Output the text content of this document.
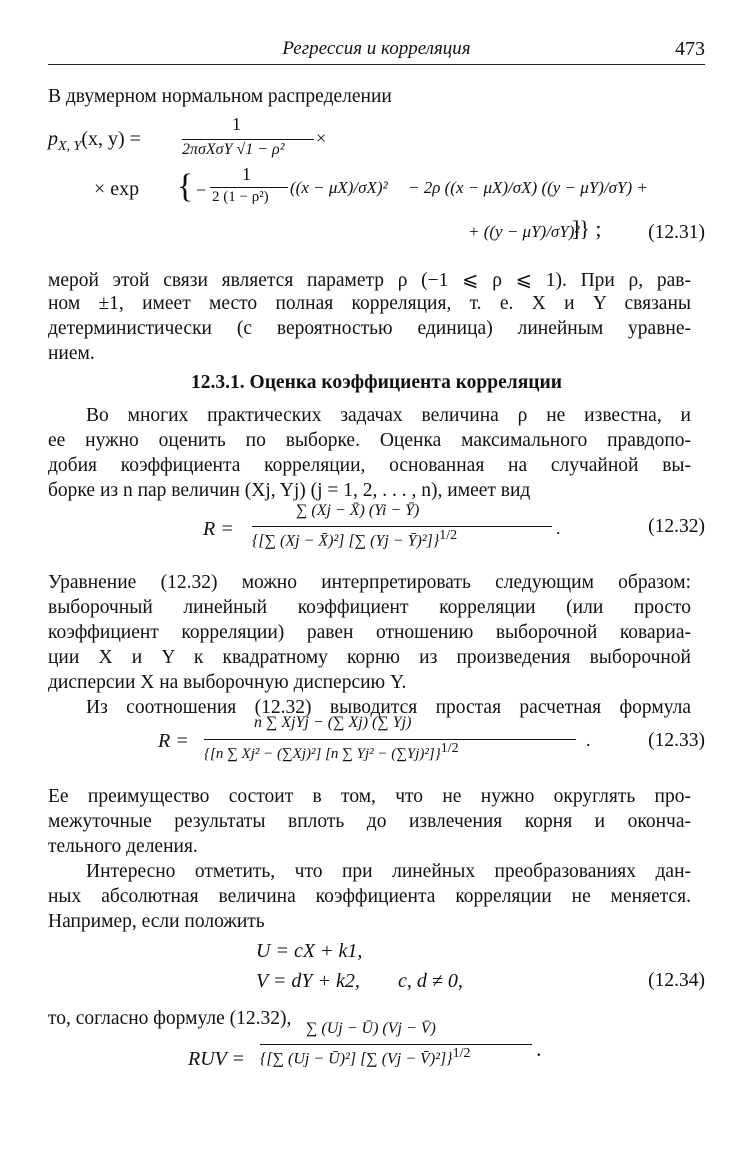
Регрессия и корреляция	473
В двумерном нормальном распределении
$p_{X, Y}(x$, y) =
1
2πσXσY √1 − ρ²
×
× exp { −
1
2 (1 − ρ²) ((x − μX)/σX)² − 2ρ ((x − μX)/σX) ((y − μY)/σY) +
+ ((y − μY)/σY)²
]} ; (12.31)
мерой этой связи является параметр ρ (−1 ⩽ ρ ⩽ 1). При ρ, рав-
ном ±1, имеет место полная корреляция, т. е. X и Y связаны
детерминистически (с вероятностью единица) линейным уравне-
нием.
12.3.1. Оценка коэффициента корреляции
Во многих практических задачах величина ρ не известна, и
ее нужно оценить по выборке. Оценка максимального правдопо-
добия коэффициента корреляции, основанная на случайной вы-
борке из n пар величин (Xj, Yj) (j = 1, 2, . . . , n), имеет вид
R =
∑ (Xj − X̄) (Yi − Ȳ)
{[∑ (Xj − X̄)²] [∑ (Yj − Ȳ)²]}$^{1/2}$	.	(12.32)
Уравнение (12.32) можно интерпретировать следующим образом:
выборочный линейный коэффициент корреляции (или просто
коэффициент корреляции) равен отношению выборочной ковариа-
ции X и Y к квадратному корню из произведения выборочной
дисперсии X на выборочную дисперсию Y.
Из соотношения (12.32) выводится простая расчетная формула
R =
n ∑ XjYj − (∑ Xj) (∑ Yj)
{[n ∑ Xj² − (∑Xj)²] [n ∑ Yj² − (∑Yj)²]}$^{1/2}$	.	(12.33)
Ее преимущество состоит в том, что не нужно округлять про-
межуточные результаты вплоть до извлечения корня и оконча-
тельного деления.
Интересно отметить, что при линейных преобразованиях дан-
ных абсолютная величина коэффициента корреляции не меняется.
Например, если положить
U = cX + k1,
V = dY + k2, c, d ≠ 0,	(12.34)
то, согласно формуле (12.32),
RUV =
∑ (Uj − Ū) (Vj − V̄)
{[∑ (Uj − Ū)²] [∑ (Vj − V̄)²]}$^{1/2}$	.
